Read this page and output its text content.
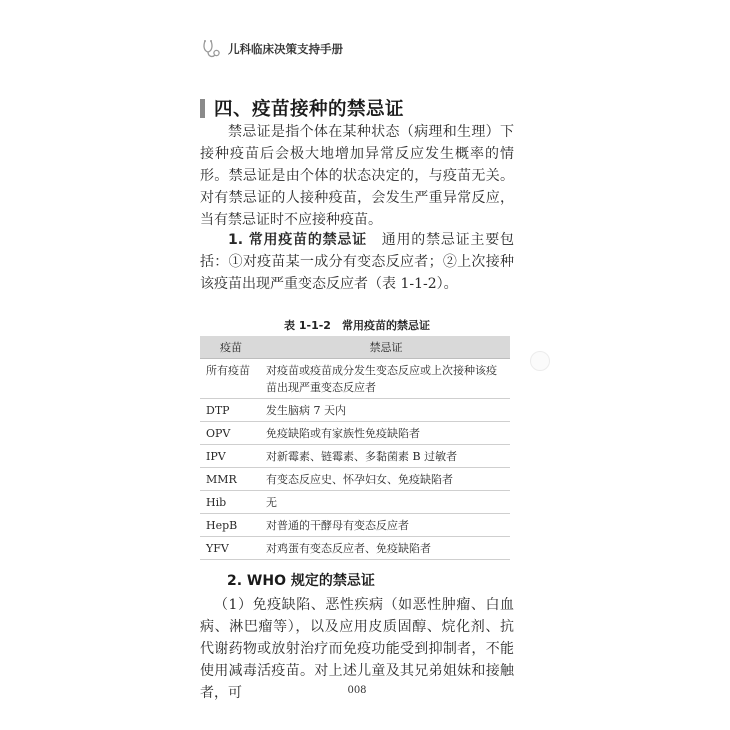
儿科临床决策支持手册
四、疫苗接种的禁忌证

禁忌证是指个体在某种状态（病理和生理）下接种疫苗后会极大地增加异常反应发生概率的情形。禁忌证是由个体的状态决定的，与疫苗无关。对有禁忌证的人接种疫苗，会发生严重异常反应，当有禁忌证时不应接种疫苗。

1. 常用疫苗的禁忌证　通用的禁忌证主要包括：①对疫苗某一成分有变态反应者；②上次接种该疫苗出现严重变态反应者（表 1-1-2）。

表 1-1-2　常用疫苗的禁忌证
疫苗	禁忌证
所有疫苗	对疫苗或疫苗成分发生变态反应或上次接种该疫苗出现严重变态反应者
DTP	发生脑病 7 天内
OPV	免疫缺陷或有家族性免疫缺陷者
IPV	对新霉素、链霉素、多黏菌素 B 过敏者
MMR	有变态反应史、怀孕妇女、免疫缺陷者
Hib	无
HepB	对普通的干酵母有变态反应者
YFV	对鸡蛋有变态反应者、免疫缺陷者
2. WHO 规定的禁忌证

（1）免疫缺陷、恶性疾病（如恶性肿瘤、白血病、淋巴瘤等），以及应用皮质固醇、烷化剂、抗代谢药物或放射治疗而免疫功能受到抑制者，不能使用减毒活疫苗。对上述儿童及其兄弟姐妹和接触者，可	008
